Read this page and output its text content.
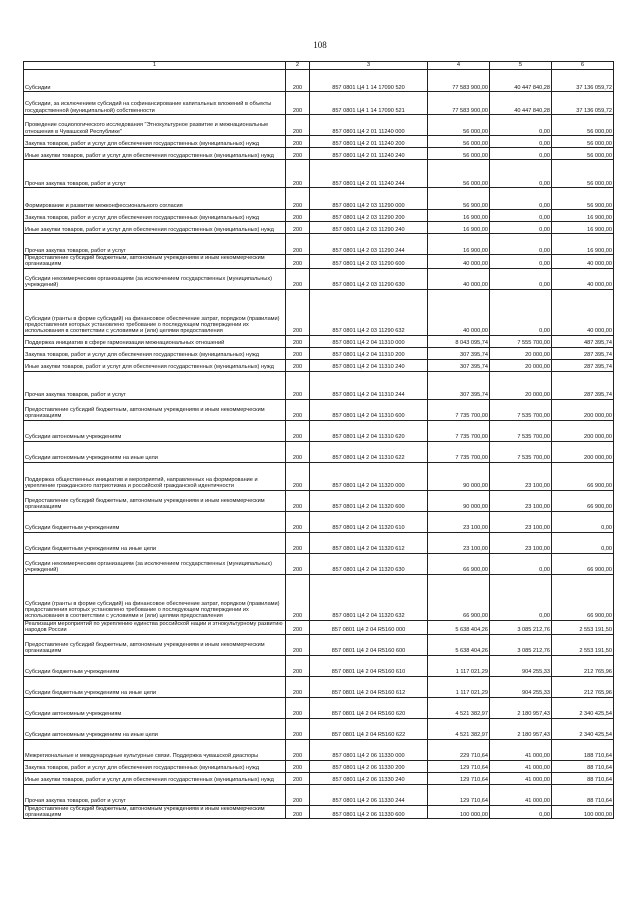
108
1	2	3	4	5	6
Субсидии	200	857 0801 Ц4 1 14 17090 520	77 583 900,00	40 447 840,28	37 136 059,72
Субсидии, за исключением субсидий на софинансирование капитальных вложений в объекты государственной (муниципальной) собственности	200	857 0801 Ц4 1 14 17090 521	77 583 900,00	40 447 840,28	37 136 059,72
Проведение социологического исследования "Этнокультурное развитие и межнациональные отношения в Чувашской Республике"	200	857 0801 Ц4 2 01 11240 000	56 000,00	0,00	56 000,00
Закупка товаров, работ и услуг для обеспечения государственных (муниципальных) нужд	200	857 0801 Ц4 2 01 11240 200	56 000,00	0,00	56 000,00
Иные закупки товаров, работ и услуг для обеспечения государственных (муниципальных) нужд	200	857 0801 Ц4 2 01 11240 240	56 000,00	0,00	56 000,00
Прочая закупка товаров, работ и услуг	200	857 0801 Ц4 2 01 11240 244	56 000,00	0,00	56 000,00
Формирование и развитие межконфессионального согласия	200	857 0801 Ц4 2 03 11290 000	56 900,00	0,00	56 900,00
Закупка товаров, работ и услуг для обеспечения государственных (муниципальных) нужд	200	857 0801 Ц4 2 03 11290 200	16 900,00	0,00	16 900,00
Иные закупки товаров, работ и услуг для обеспечения государственных (муниципальных) нужд	200	857 0801 Ц4 2 03 11290 240	16 900,00	0,00	16 900,00
Прочая закупка товаров, работ и услуг	200	857 0801 Ц4 2 03 11290 244	16 900,00	0,00	16 900,00
Предоставление субсидий бюджетным, автономным учреждениям и иным некоммерческим организациям	200	857 0801 Ц4 2 03 11290 600	40 000,00	0,00	40 000,00
Субсидии некоммерческим организациям (за исключением государственных (муниципальных) учреждений)	200	857 0801 Ц4 2 03 11290 630	40 000,00	0,00	40 000,00
Субсидии (гранты в форме субсидий) на финансовое обеспечение затрат, порядком (правилами) предоставления которых установлено требование о последующем подтверждении их использования в соответствии с условиями и (или) целями предоставления	200	857 0801 Ц4 2 03 11290 632	40 000,00	0,00	40 000,00
Поддержка инициатив в сфере гармонизации межнациональных отношений	200	857 0801 Ц4 2 04 11310 000	8 043 095,74	7 555 700,00	487 395,74
Закупка товаров, работ и услуг для обеспечения государственных (муниципальных) нужд	200	857 0801 Ц4 2 04 11310 200	307 395,74	20 000,00	287 395,74
Иные закупки товаров, работ и услуг для обеспечения государственных (муниципальных) нужд	200	857 0801 Ц4 2 04 11310 240	307 395,74	20 000,00	287 395,74
Прочая закупка товаров, работ и услуг	200	857 0801 Ц4 2 04 11310 244	307 395,74	20 000,00	287 395,74
Предоставление субсидий бюджетным, автономным учреждениям и иным некоммерческим организациям	200	857 0801 Ц4 2 04 11310 600	7 735 700,00	7 535 700,00	200 000,00
Субсидии автономным учреждениям	200	857 0801 Ц4 2 04 11310 620	7 735 700,00	7 535 700,00	200 000,00
Субсидии автономным учреждениям на иные цели	200	857 0801 Ц4 2 04 11310 622	7 735 700,00	7 535 700,00	200 000,00
Поддержка общественных инициатив и мероприятий, направленных на формирование и укрепление гражданского патриотизма и российской гражданской идентичности	200	857 0801 Ц4 2 04 11320 000	90 000,00	23 100,00	66 900,00
Предоставление субсидий бюджетным, автономным учреждениям и иным некоммерческим организациям	200	857 0801 Ц4 2 04 11320 600	90 000,00	23 100,00	66 900,00
Субсидии бюджетным учреждениям	200	857 0801 Ц4 2 04 11320 610	23 100,00	23 100,00	0,00
Субсидии бюджетным учреждениям на иные цели	200	857 0801 Ц4 2 04 11320 612	23 100,00	23 100,00	0,00
Субсидии некоммерческим организациям (за исключением государственных (муниципальных) учреждений)	200	857 0801 Ц4 2 04 11320 630	66 900,00	0,00	66 900,00
Субсидии (гранты в форме субсидий) на финансовое обеспечение затрат, порядком (правилами) предоставления которых установлено требование о последующем подтверждении их использования в соответствии с условиями и (или) целями предоставления	200	857 0801 Ц4 2 04 11320 632	66 900,00	0,00	66 900,00
Реализация мероприятий по укреплению единства российской нации и этнокультурному развитию народов России	200	857 0801 Ц4 2 04 R5160 000	5 638 404,26	3 085 212,76	2 553 191,50
Предоставление субсидий бюджетным, автономным учреждениям и иным некоммерческим организациям	200	857 0801 Ц4 2 04 R5160 600	5 638 404,26	3 085 212,76	2 553 191,50
Субсидии бюджетным учреждениям	200	857 0801 Ц4 2 04 R5160 610	1 117 021,29	904 255,33	212 765,96
Субсидии бюджетным учреждениям на иные цели	200	857 0801 Ц4 2 04 R5160 612	1 117 021,29	904 255,33	212 765,96
Субсидии автономным учреждениям	200	857 0801 Ц4 2 04 R5160 620	4 521 382,97	2 180 957,43	2 340 425,54
Субсидии автономным учреждениям на иные цели	200	857 0801 Ц4 2 04 R5160 622	4 521 382,97	2 180 957,43	2 340 425,54
Межрегиональные и международные культурные связи. Поддержка чувашской диаспоры	200	857 0801 Ц4 2 06 11330 000	229 710,64	41 000,00	188 710,64
Закупка товаров, работ и услуг для обеспечения государственных (муниципальных) нужд	200	857 0801 Ц4 2 06 11330 200	129 710,64	41 000,00	88 710,64
Иные закупки товаров, работ и услуг для обеспечения государственных (муниципальных) нужд	200	857 0801 Ц4 2 06 11330 240	129 710,64	41 000,00	88 710,64
Прочая закупка товаров, работ и услуг	200	857 0801 Ц4 2 06 11330 244	129 710,64	41 000,00	88 710,64
Предоставление субсидий бюджетным, автономным учреждениям и иным некоммерческим организациям	200	857 0801 Ц4 2 06 11330 600	100 000,00	0,00	100 000,00
